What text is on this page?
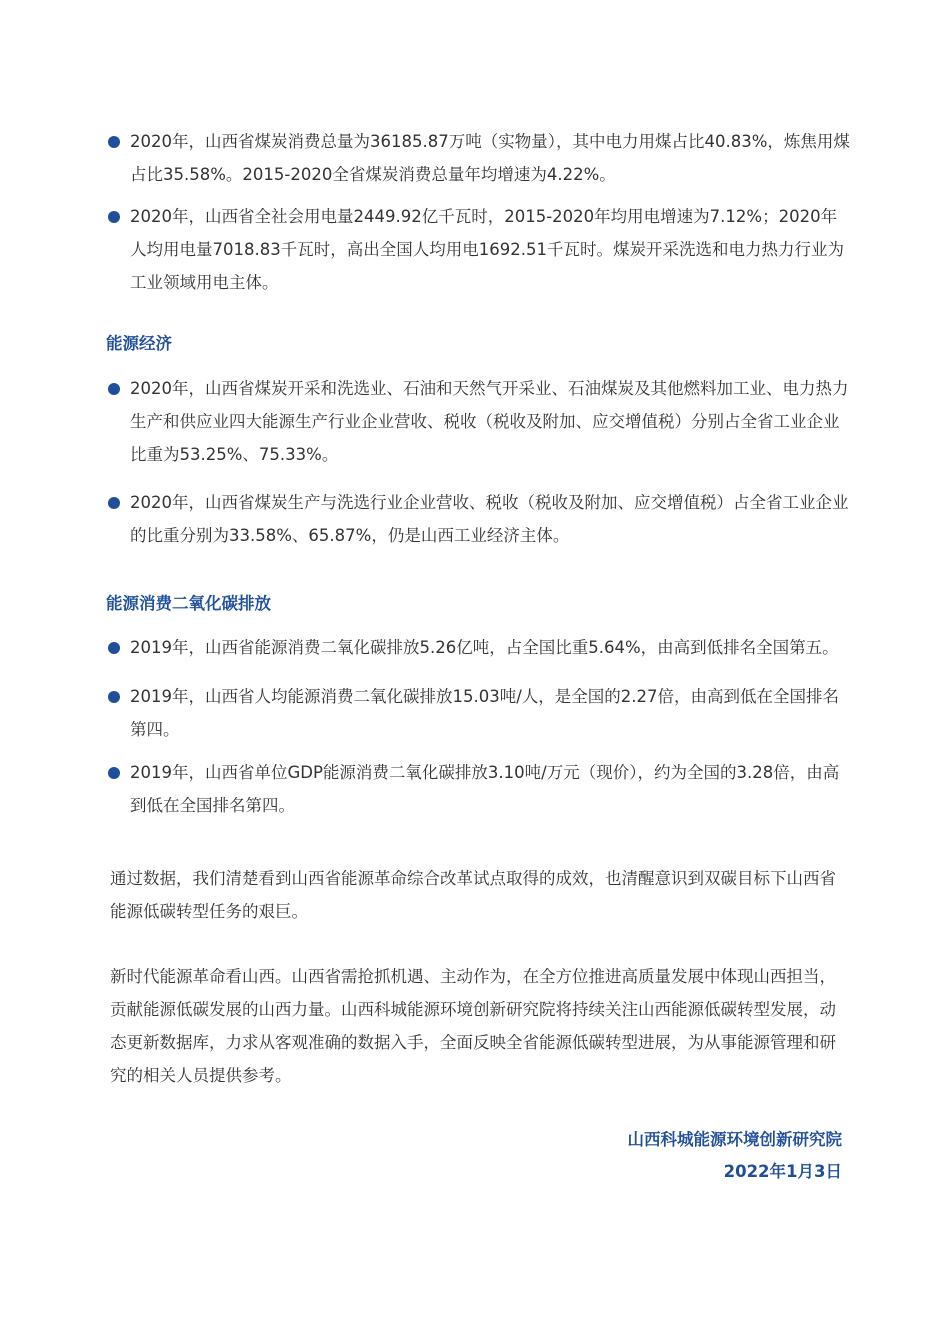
2020年，山西省煤炭消费总量为36185.87万吨（实物量），其中电力用煤占比40.83%，炼焦用煤占比35.58%。2015-2020全省煤炭消费总量年均增速为4.22%。
2020年，山西省全社会用电量2449.92亿千瓦时，2015-2020年均用电增速为7.12%；2020年人均用电量7018.83千瓦时，高出全国人均用电1692.51千瓦时。煤炭开采洗选和电力热力行业为工业领域用电主体。
能源经济
2020年，山西省煤炭开采和洗选业、石油和天然气开采业、石油煤炭及其他燃料加工业、电力热力生产和供应业四大能源生产行业企业营收、税收（税收及附加、应交增值税）分别占全省工业企业比重为53.25%、75.33%。
2020年，山西省煤炭生产与洗选行业企业营收、税收（税收及附加、应交增值税）占全省工业企业的比重分别为33.58%、65.87%，仍是山西工业经济主体。
能源消费二氧化碳排放
2019年，山西省能源消费二氧化碳排放5.26亿吨，占全国比重5.64%，由高到低排名全国第五。
2019年，山西省人均能源消费二氧化碳排放15.03吨/人，是全国的2.27倍，由高到低在全国排名第四。
2019年，山西省单位GDP能源消费二氧化碳排放3.10吨/万元（现价），约为全国的3.28倍，由高到低在全国排名第四。
通过数据，我们清楚看到山西省能源革命综合改革试点取得的成效，也清醒意识到双碳目标下山西省能源低碳转型任务的艰巨。
新时代能源革命看山西。山西省需抢抓机遇、主动作为，在全方位推进高质量发展中体现山西担当，贡献能源低碳发展的山西力量。山西科城能源环境创新研究院将持续关注山西能源低碳转型发展，动态更新数据库，力求从客观准确的数据入手，全面反映全省能源低碳转型进展，为从事能源管理和研究的相关人员提供参考。
山西科城能源环境创新研究院
2022年1月3日
